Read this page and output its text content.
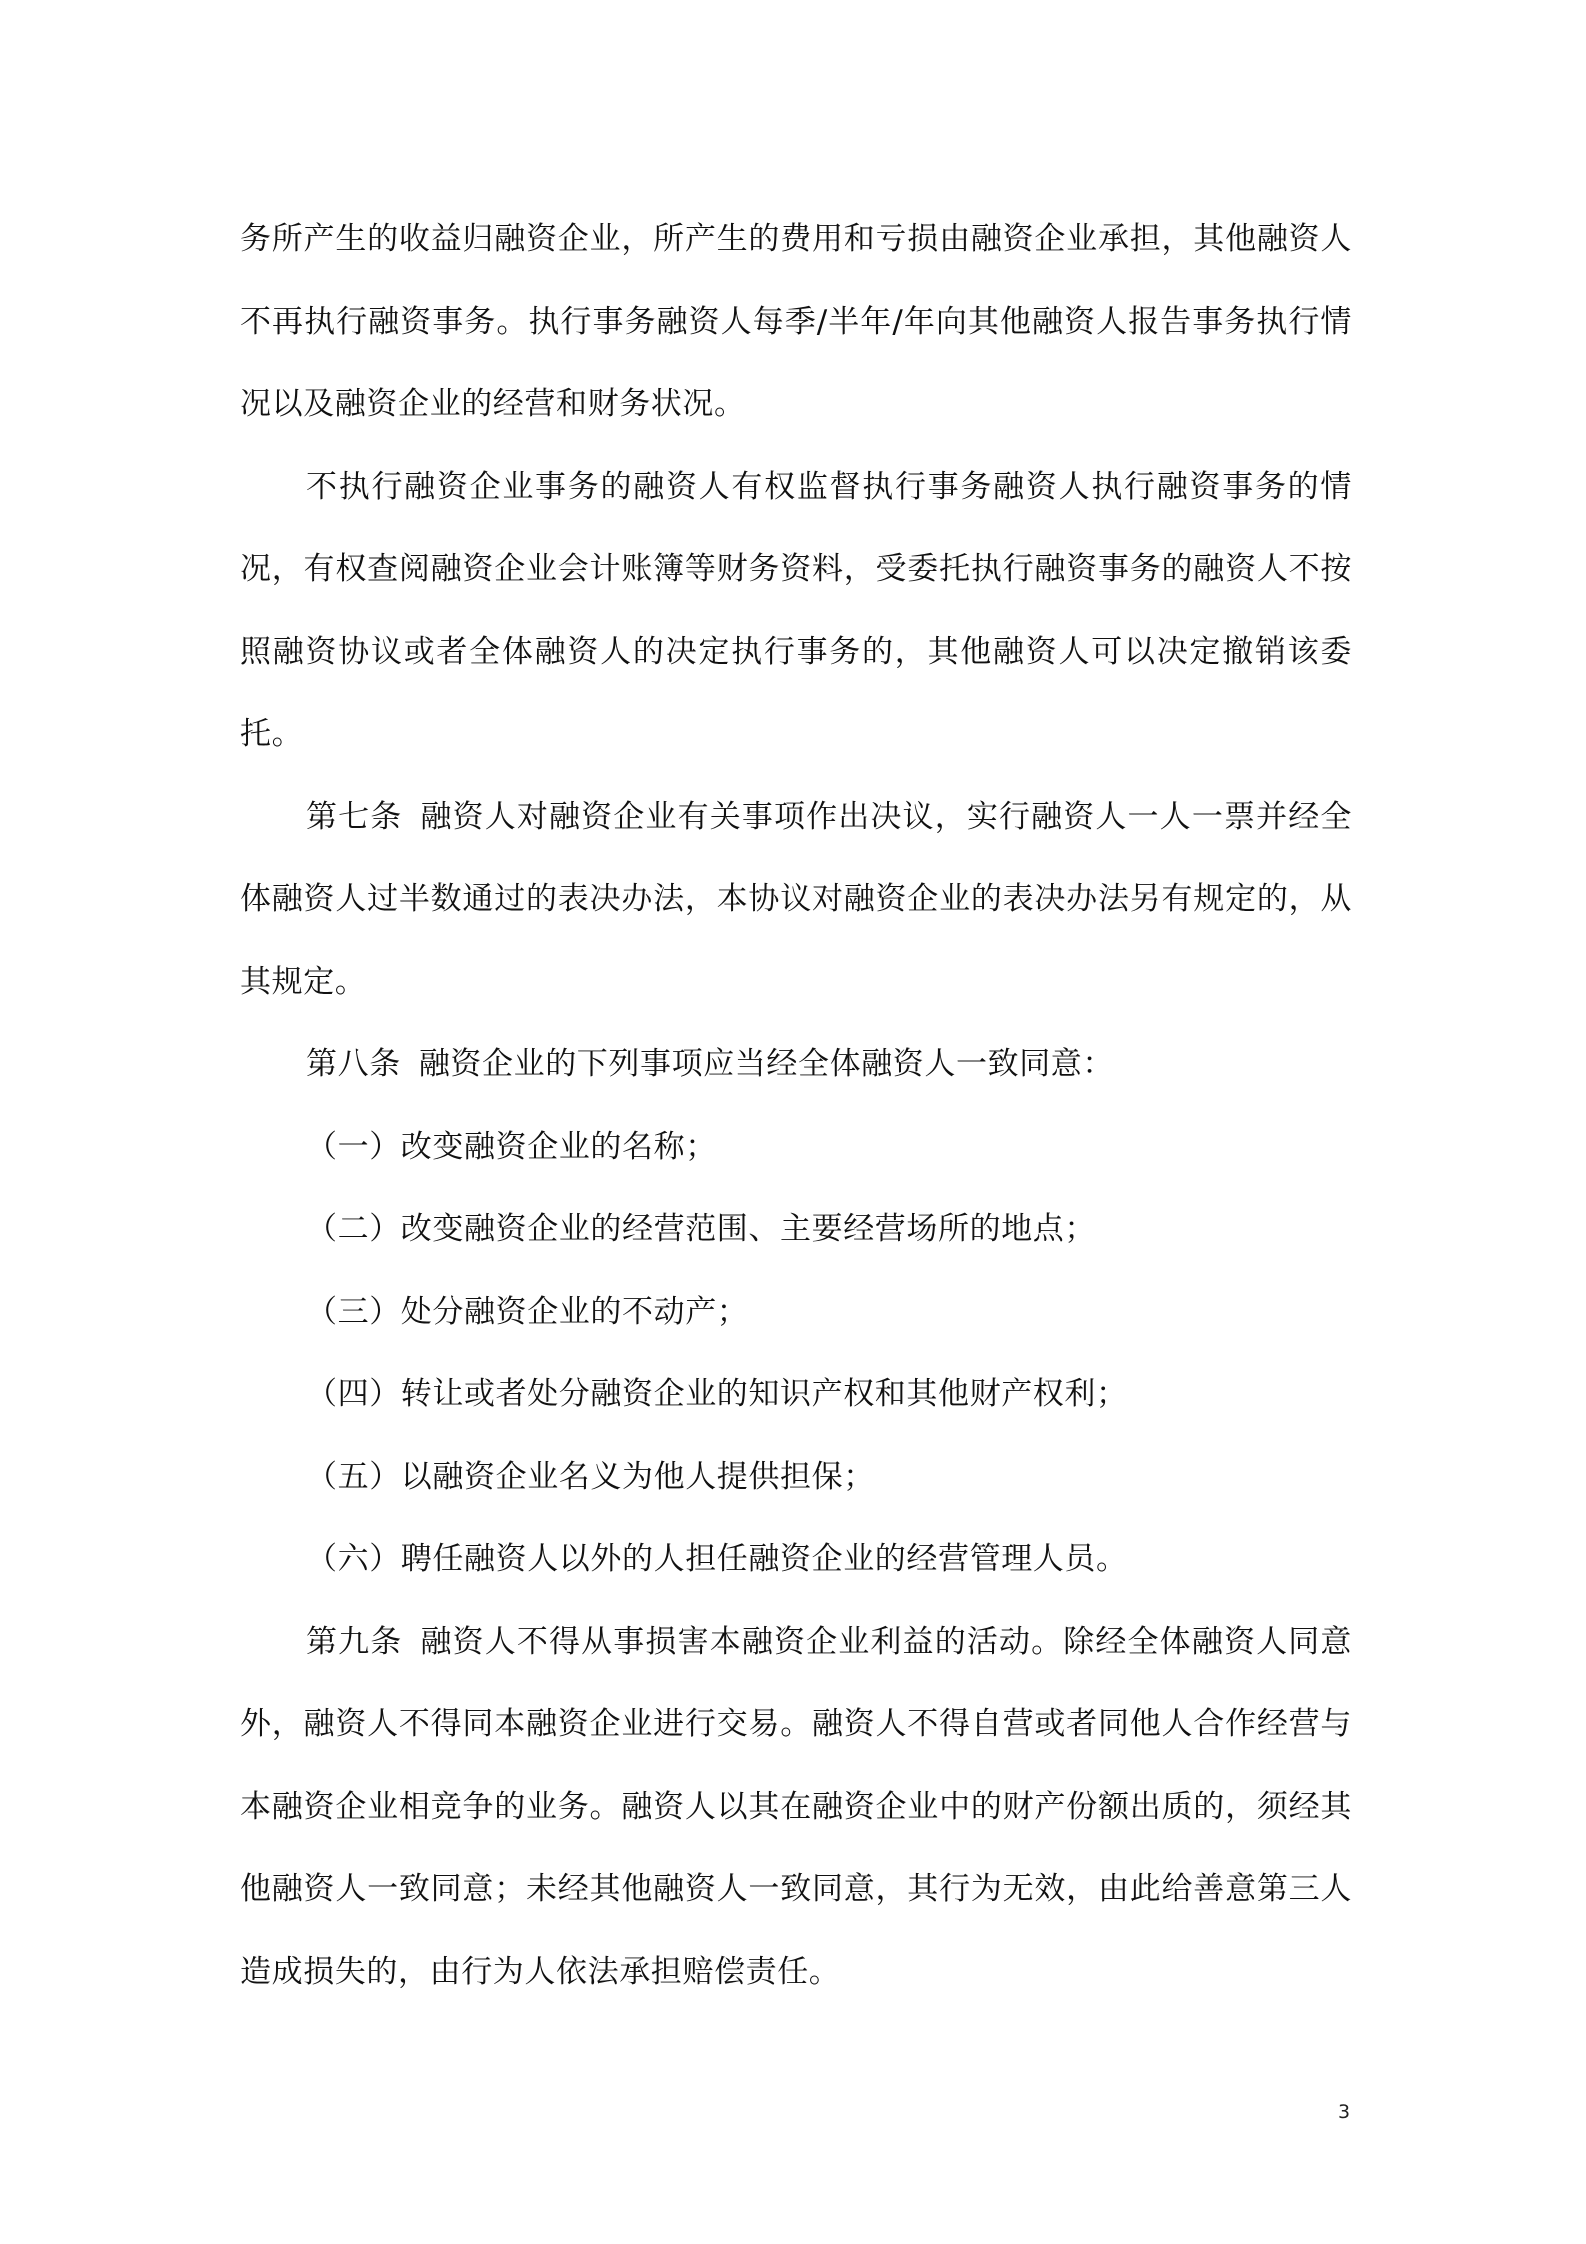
务所产生的收益归融资企业，所产生的费用和亏损由融资企业承担，其他融资人不再执行融资事务。执行事务融资人每季/半年/年向其他融资人报告事务执行情况以及融资企业的经营和财务状况。

不执行融资企业事务的融资人有权监督执行事务融资人执行融资事务的情况，有权查阅融资企业会计账簿等财务资料，受委托执行融资事务的融资人不按照融资协议或者全体融资人的决定执行事务的，其他融资人可以决定撤销该委托。

第七条 融资人对融资企业有关事项作出决议，实行融资人一人一票并经全体融资人过半数通过的表决办法，本协议对融资企业的表决办法另有规定的，从其规定。

第八条 融资企业的下列事项应当经全体融资人一致同意：

（一）改变融资企业的名称；

（二）改变融资企业的经营范围、主要经营场所的地点；

（三）处分融资企业的不动产；

（四）转让或者处分融资企业的知识产权和其他财产权利；

（五）以融资企业名义为他人提供担保；

（六）聘任融资人以外的人担任融资企业的经营管理人员。

第九条 融资人不得从事损害本融资企业利益的活动。除经全体融资人同意外，融资人不得同本融资企业进行交易。融资人不得自营或者同他人合作经营与本融资企业相竞争的业务。融资人以其在融资企业中的财产份额出质的，须经其他融资人一致同意；未经其他融资人一致同意，其行为无效，由此给善意第三人造成损失的，由行为人依法承担赔偿责任。

3
